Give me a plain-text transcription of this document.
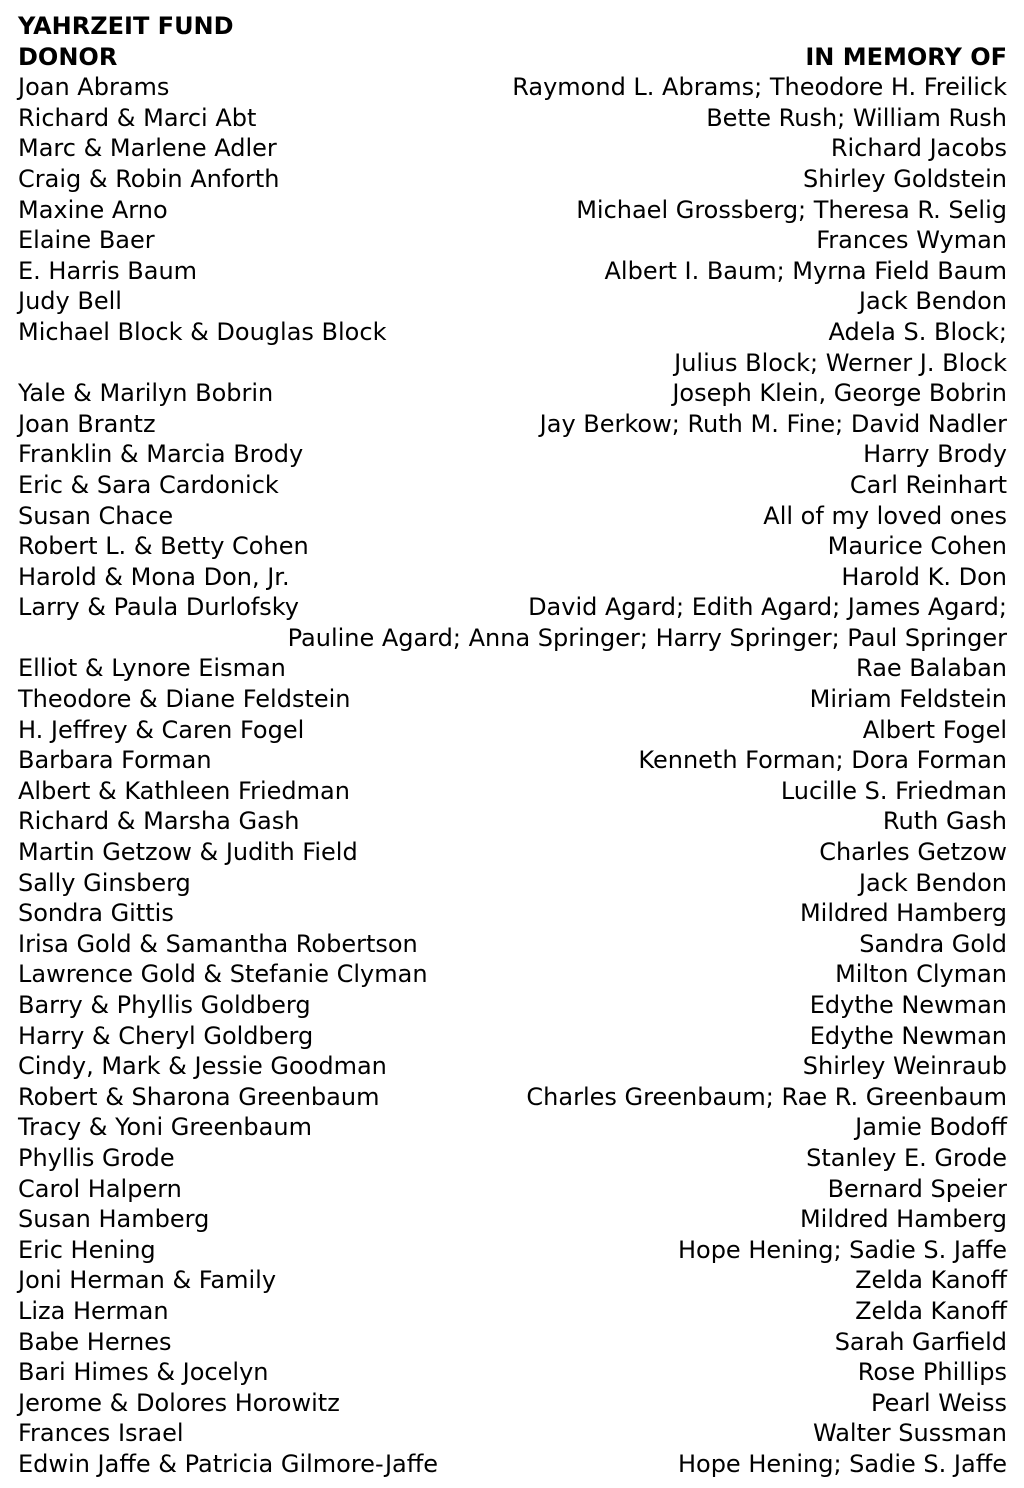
YAHRZEIT FUND
DONOR	IN MEMORY OF
Joan Abrams	Raymond L. Abrams; Theodore H. Freilick
Richard & Marci Abt	Bette Rush; William Rush
Marc & Marlene Adler	Richard Jacobs
Craig & Robin Anforth	Shirley Goldstein
Maxine Arno	Michael Grossberg; Theresa R. Selig
Elaine Baer	Frances Wyman
E. Harris Baum	Albert I. Baum; Myrna Field Baum
Judy Bell	Jack Bendon
Michael Block & Douglas Block	Adela S. Block;
Julius Block; Werner J. Block
Yale & Marilyn Bobrin	Joseph Klein, George Bobrin
Joan Brantz	Jay Berkow; Ruth M. Fine; David Nadler
Franklin & Marcia Brody	Harry Brody
Eric & Sara Cardonick	Carl Reinhart
Susan Chace	All of my loved ones
Robert L. & Betty Cohen	Maurice Cohen
Harold & Mona Don, Jr.	Harold K. Don
Larry & Paula Durlofsky	David Agard; Edith Agard; James Agard;
Pauline Agard; Anna Springer; Harry Springer; Paul Springer
Elliot & Lynore Eisman	Rae Balaban
Theodore & Diane Feldstein	Miriam Feldstein
H. Jeffrey & Caren Fogel	Albert Fogel
Barbara Forman	Kenneth Forman; Dora Forman
Albert & Kathleen Friedman	Lucille S. Friedman
Richard & Marsha Gash	Ruth Gash
Martin Getzow & Judith Field	Charles Getzow
Sally Ginsberg	Jack Bendon
Sondra Gittis	Mildred Hamberg
Irisa Gold & Samantha Robertson	Sandra Gold
Lawrence Gold & Stefanie Clyman	Milton Clyman
Barry & Phyllis Goldberg	Edythe Newman
Harry & Cheryl Goldberg	Edythe Newman
Cindy, Mark & Jessie Goodman	Shirley Weinraub
Robert & Sharona Greenbaum	Charles Greenbaum; Rae R. Greenbaum
Tracy & Yoni Greenbaum	Jamie Bodoff
Phyllis Grode	Stanley E. Grode
Carol Halpern	Bernard Speier
Susan Hamberg	Mildred Hamberg
Eric Hening	Hope Hening; Sadie S. Jaffe
Joni Herman & Family	Zelda Kanoff
Liza Herman	Zelda Kanoff
Babe Hernes	Sarah Garfield
Bari Himes & Jocelyn	Rose Phillips
Jerome & Dolores Horowitz	Pearl Weiss
Frances Israel	Walter Sussman
Edwin Jaffe & Patricia Gilmore-Jaffe	Hope Hening; Sadie S. Jaffe
